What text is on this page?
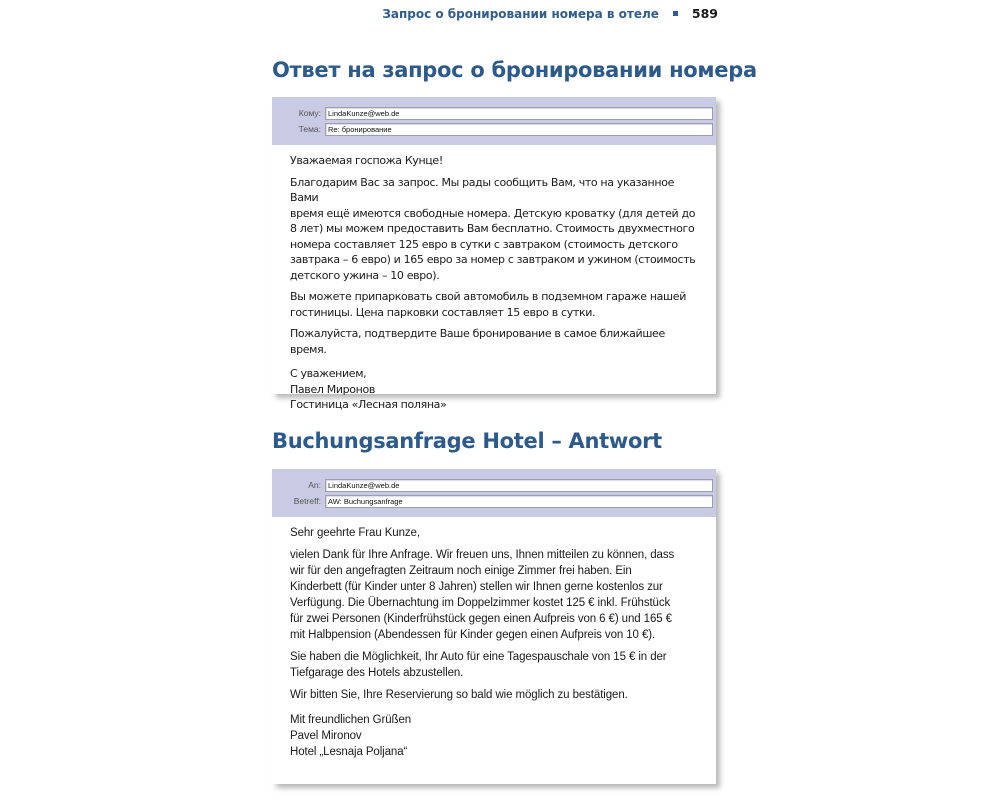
Запрос о бронировании номера в отеле	589
Ответ на запрос о бронировании номера
Кому: LindaKunze@web.de
Тема: Re: бронирование

Уважаемая госпожа Кунце!

Благодарим Вас за запрос. Мы рады сообщить Вам, что на указанное Вами
время ещё имеются свободные номера. Детскую кроватку (для детей до
8 лет) мы можем предоставить Вам бесплатно. Стоимость двухместного
номера составляет 125 евро в сутки с завтраком (стоимость детского
завтрака – 6 евро) и 165 евро за номер с завтраком и ужином (стоимость
детского ужина – 10 евро).

Вы можете припарковать свой автомобиль в подземном гараже нашей
гостиницы. Цена парковки составляет 15 евро в сутки.

Пожалуйста, подтвердите Ваше бронирование в самое ближайшее время.

С уважением,
Павел Миронов
Гостиница «Лесная поляна»

Buchungsanfrage Hotel – Antwort
An: LindaKunze@web.de
Betreff: AW: Buchungsanfrage

Sehr geehrte Frau Kunze,

vielen Dank für Ihre Anfrage. Wir freuen uns, Ihnen mitteilen zu können, dass
wir für den angefragten Zeitraum noch einige Zimmer frei haben. Ein
Kinderbett (für Kinder unter 8 Jahren) stellen wir Ihnen gerne kostenlos zur
Verfügung. Die Übernachtung im Doppelzimmer kostet 125 € inkl. Frühstück
für zwei Personen (Kinderfrühstück gegen einen Aufpreis von 6 €) und 165 €
mit Halbpension (Abendessen für Kinder gegen einen Aufpreis von 10 €).

Sie haben die Möglichkeit, Ihr Auto für eine Tagespauschale von 15 € in der
Tiefgarage des Hotels abzustellen.

Wir bitten Sie, Ihre Reservierung so bald wie möglich zu bestätigen.

Mit freundlichen Grüßen
Pavel Mironov
Hotel „Lesnaja Poljana“
